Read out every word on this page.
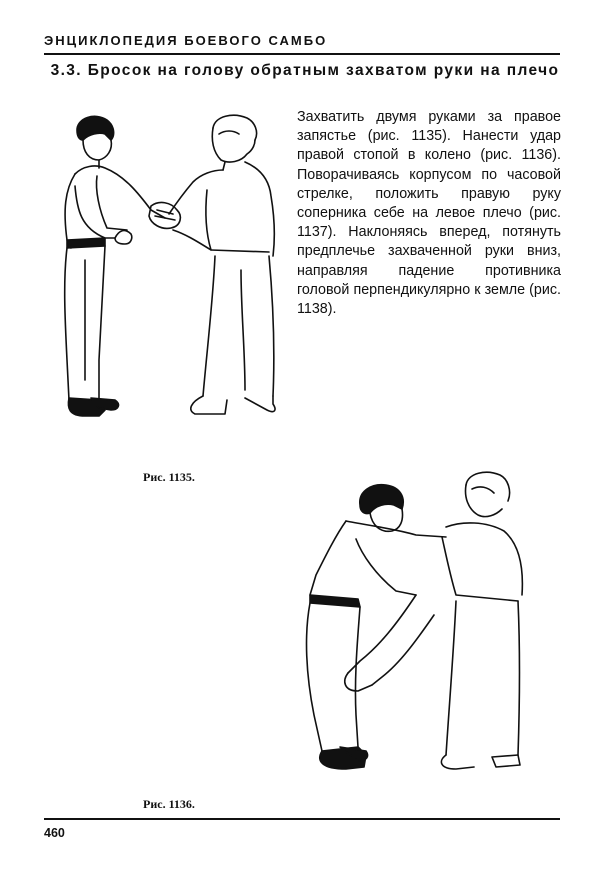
ЭНЦИКЛОПЕДИЯ БОЕВОГО САМБО
3.3. Бросок на голову обратным захватом руки на плечо
Захватить двумя руками за правое запястье (рис. 1135). Нанести удар правой стопой в колено (рис. 1136). Поворачиваясь корпусом по часовой стрелке, положить правую руку соперника себе на левое плечо (рис. 1137). Наклоняясь вперед, потянуть предплечье захваченной руки вниз, направляя падение противника головой перпендикулярно к земле (рис. 1138).
Рис. 1135.
Рис. 1136.
460
